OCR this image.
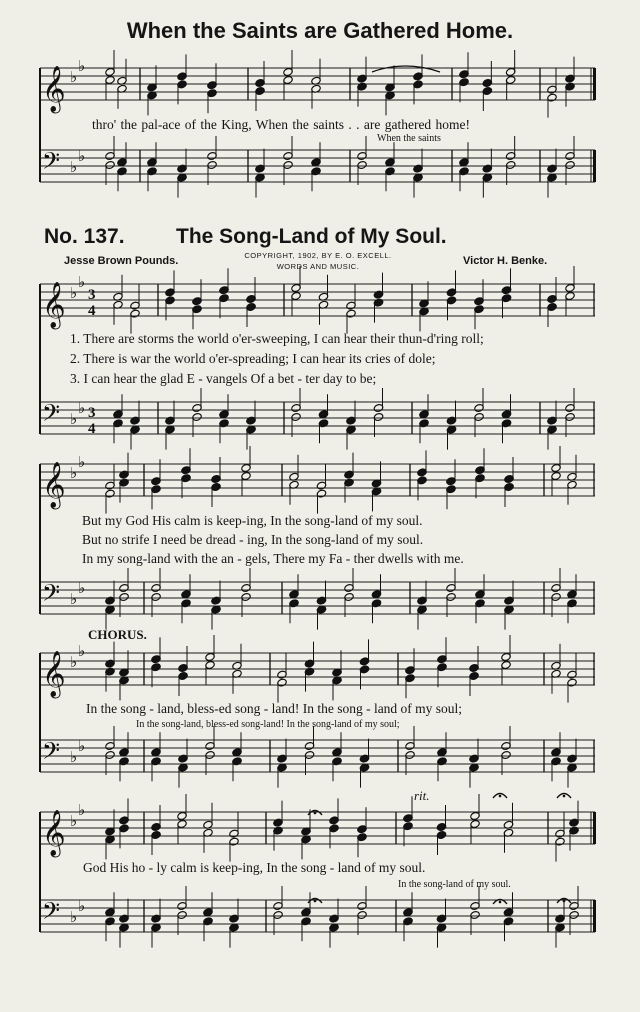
𝄞
𝄢
♭
♭
♭
♭
𝄞
𝄢
♭
♭
♭
♭
3
4
3
4
𝄞
𝄢
♭
♭
♭
♭
𝄞
𝄢
♭
♭
♭
♭
𝄞
𝄢
♭
♭
♭
♭
When the Saints are Gathered Home.
thro' the pal-ace of the King, When the saints . . are gathered home!
When the saints
No. 137. The Song-Land of My Soul.
Jesse Brown Pounds.	COPYRIGHT, 1902, BY E. O. EXCELL.
WORDS AND MUSIC.	Victor H. Benke.
1. There are storms the world o'er-sweeping, I can hear their thun-d'ring roll;
2. There is war the world o'er-spreading; I can hear its cries of dole;
3. I can hear the glad E - vangels Of a bet - ter day to be;
But my God His calm is keep-ing, In the song-land of my soul.
But no strife I need be dread - ing, In the song-land of my soul.
In my song-land with the an - gels, There my Fa - ther dwells with me.
CHORUS.
In the song - land, bless-ed song - land! In the song - land of my soul;
In the song-land, bless-ed song-land! In the song-land of my soul;
rit.
God His ho - ly calm is keep-ing, In the song - land of my soul.
In the song-land of my soul.
